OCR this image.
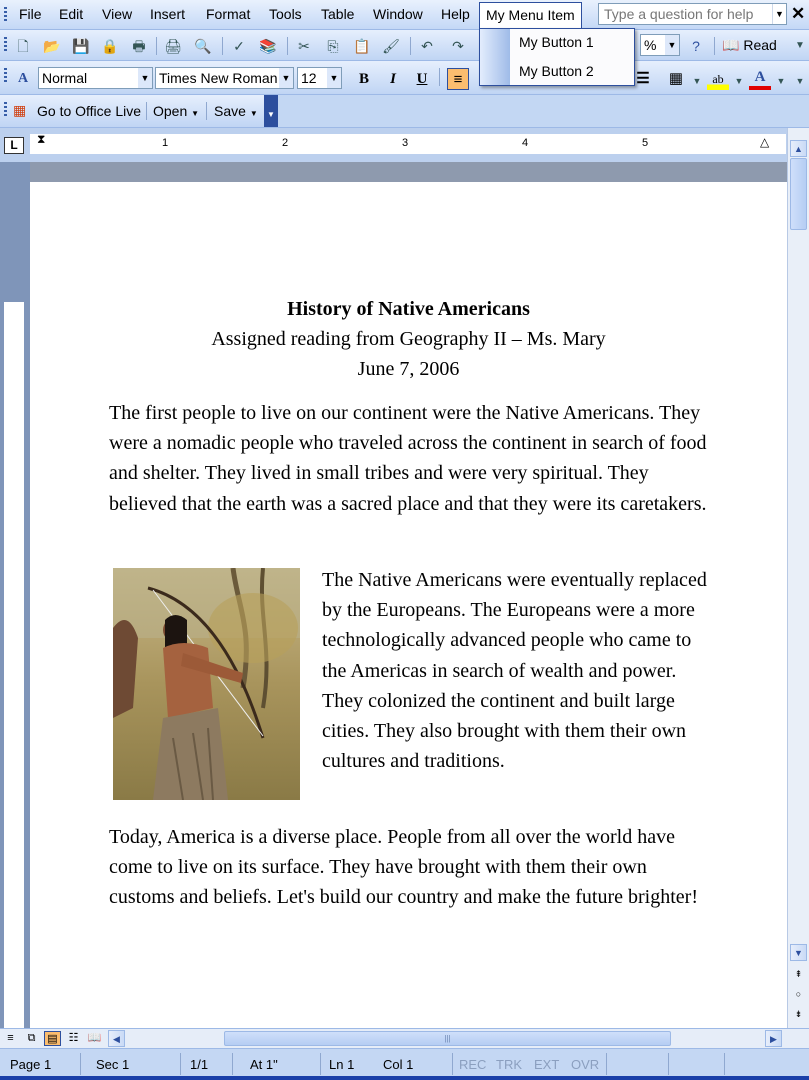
File Edit View Insert Format Tools Table Window Help	My Menu Item	Type a question for help	▼ ✕
My Button 1
My Button 2
🗋	📂 💾 🔒 🖶 🖨 🔍 ✓ 📚 ✂	⎘	📋 🖌 ↶ ↷	% ▼	?	📖 Read	▼
A Normal	▼ Times New Roman ▼ 12 ▼	B	I	U	≡	☰ ▦	▼ ab	▼ A	▼	▼
▦ Go to Office Live Open ▼ Save ▼	▼
L	⧗	1	2	3	4	5	△
History of Native Americans
Assigned reading from Geography II – Ms. Mary
June 7, 2006

The first people to live on our continent were the Native Americans. They were a nomadic people who traveled across the continent in search of food and shelter. They lived in small tribes and were very spiritual. They believed that the earth was a sacred place and that they were its caretakers.

The Native Americans were eventually replaced by the Europeans. The Europeans were a more technologically advanced people who came to the Americas in search of wealth and power. They colonized the continent and built large cities. They also brought with them their own cultures and traditions.

Today, America is a diverse place. People from all over the world have come to live on its surface. They have brought with them their own customs and beliefs. Let's build our country and make the future brighter!

▲
▼
⇞
○
⇟
≡	⧉	▤ ☷ 📖	◀	|||	▶
Page 1	Sec 1	1/1	At 1"	Ln 1 Col 1	REC TRK EXT OVR
